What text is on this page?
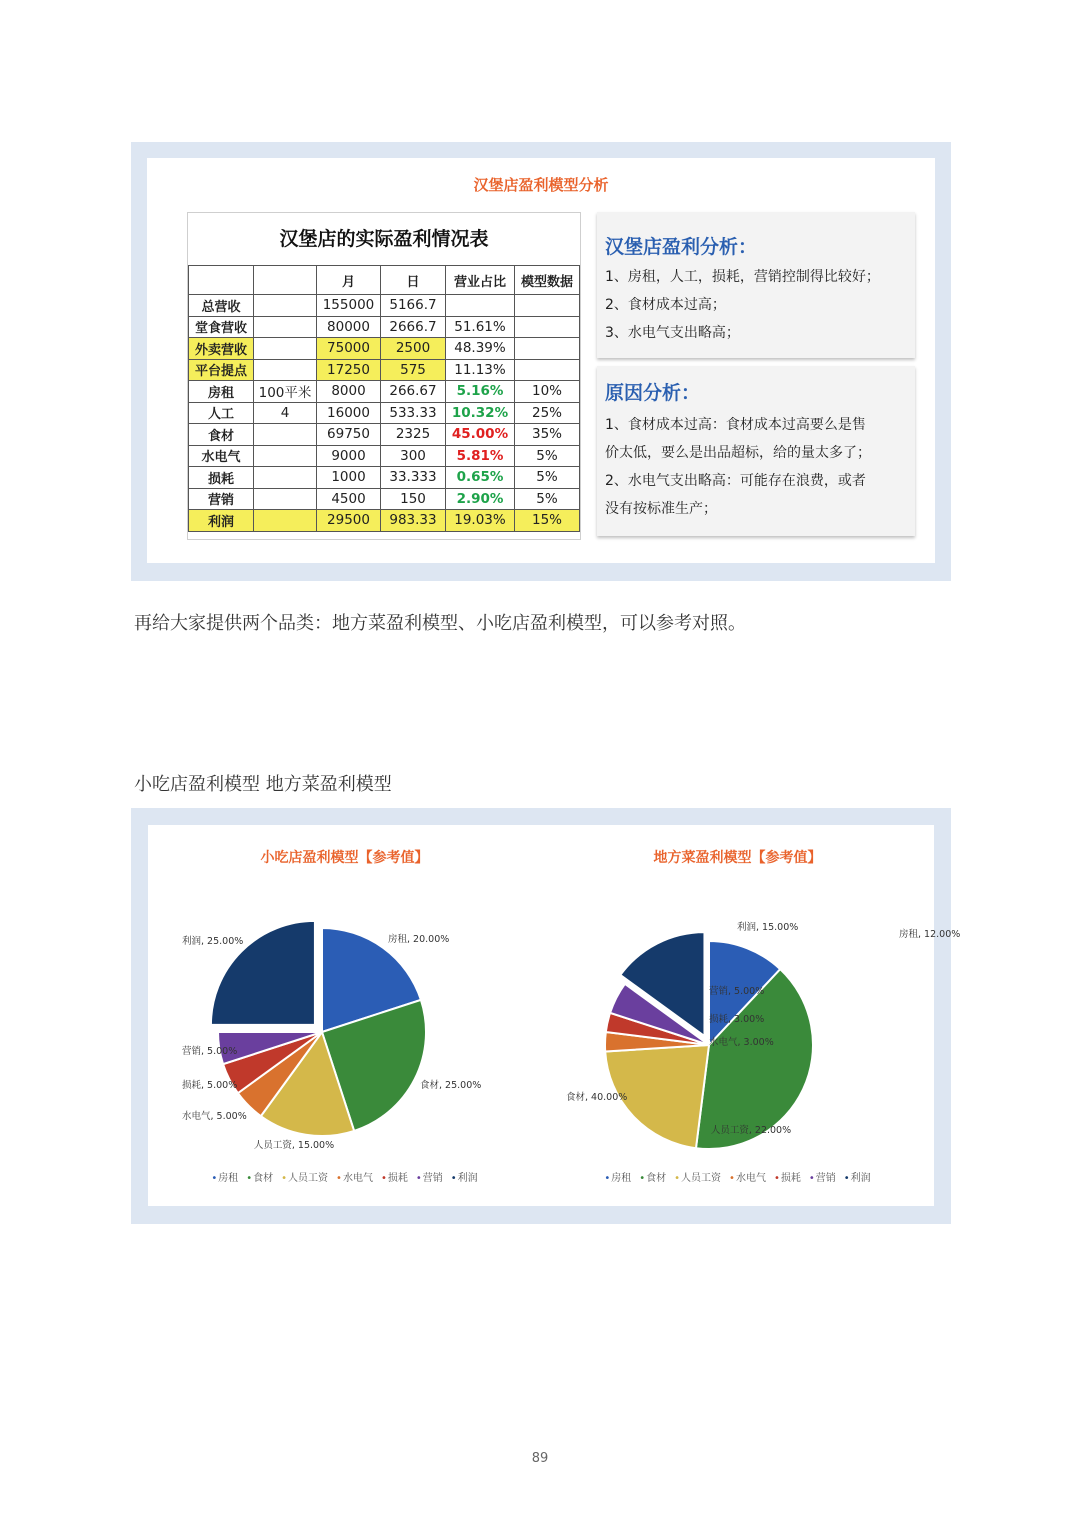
汉堡店盈利模型分析
汉堡店的实际盈利情况表
		月	日	营业占比	模型数据
总营收		155000	5166.7		
堂食营收		80000	2666.7	51.61%	
外卖营收		75000	2500	48.39%	
平台提点		17250	575	11.13%	
房租	100平米	8000	266.67	5.16%	10%
人工	4	16000	533.33	10.32%	25%
食材		69750	2325	45.00%	35%
水电气		9000	300	5.81%	5%
损耗		1000	33.333	0.65%	5%
营销		4500	150	2.90%	5%
利润		29500	983.33	19.03%	15%
汉堡店盈利分析：
1、房租，人工，损耗，营销控制得比较好；
2、食材成本过高；
3、水电气支出略高；
原因分析：
1、食材成本过高：食材成本过高要么是售
价太低，要么是出品超标，给的量太多了；
2、水电气支出略高：可能存在浪费，或者
没有按标准生产；
再给大家提供两个品类：地方菜盈利模型、小吃店盈利模型，可以参考对照。
小吃店盈利模型 地方菜盈利模型
小吃店盈利模型【参考值】
房租, 20.00%
食材, 25.00%
人员工资, 15.00%
水电气, 5.00%
损耗, 5.00%
营销, 5.00%
利润, 25.00%
•房租 •食材 •人员工资 •水电气 •损耗 •营销 •利润
地方菜盈利模型【参考值】
房租, 12.00%
食材, 40.00%
人员工资, 22.00%
水电气, 3.00%
损耗, 3.00%
营销, 5.00%
利润, 15.00%
•房租 •食材 •人员工资 •水电气 •损耗 •营销 •利润
89
